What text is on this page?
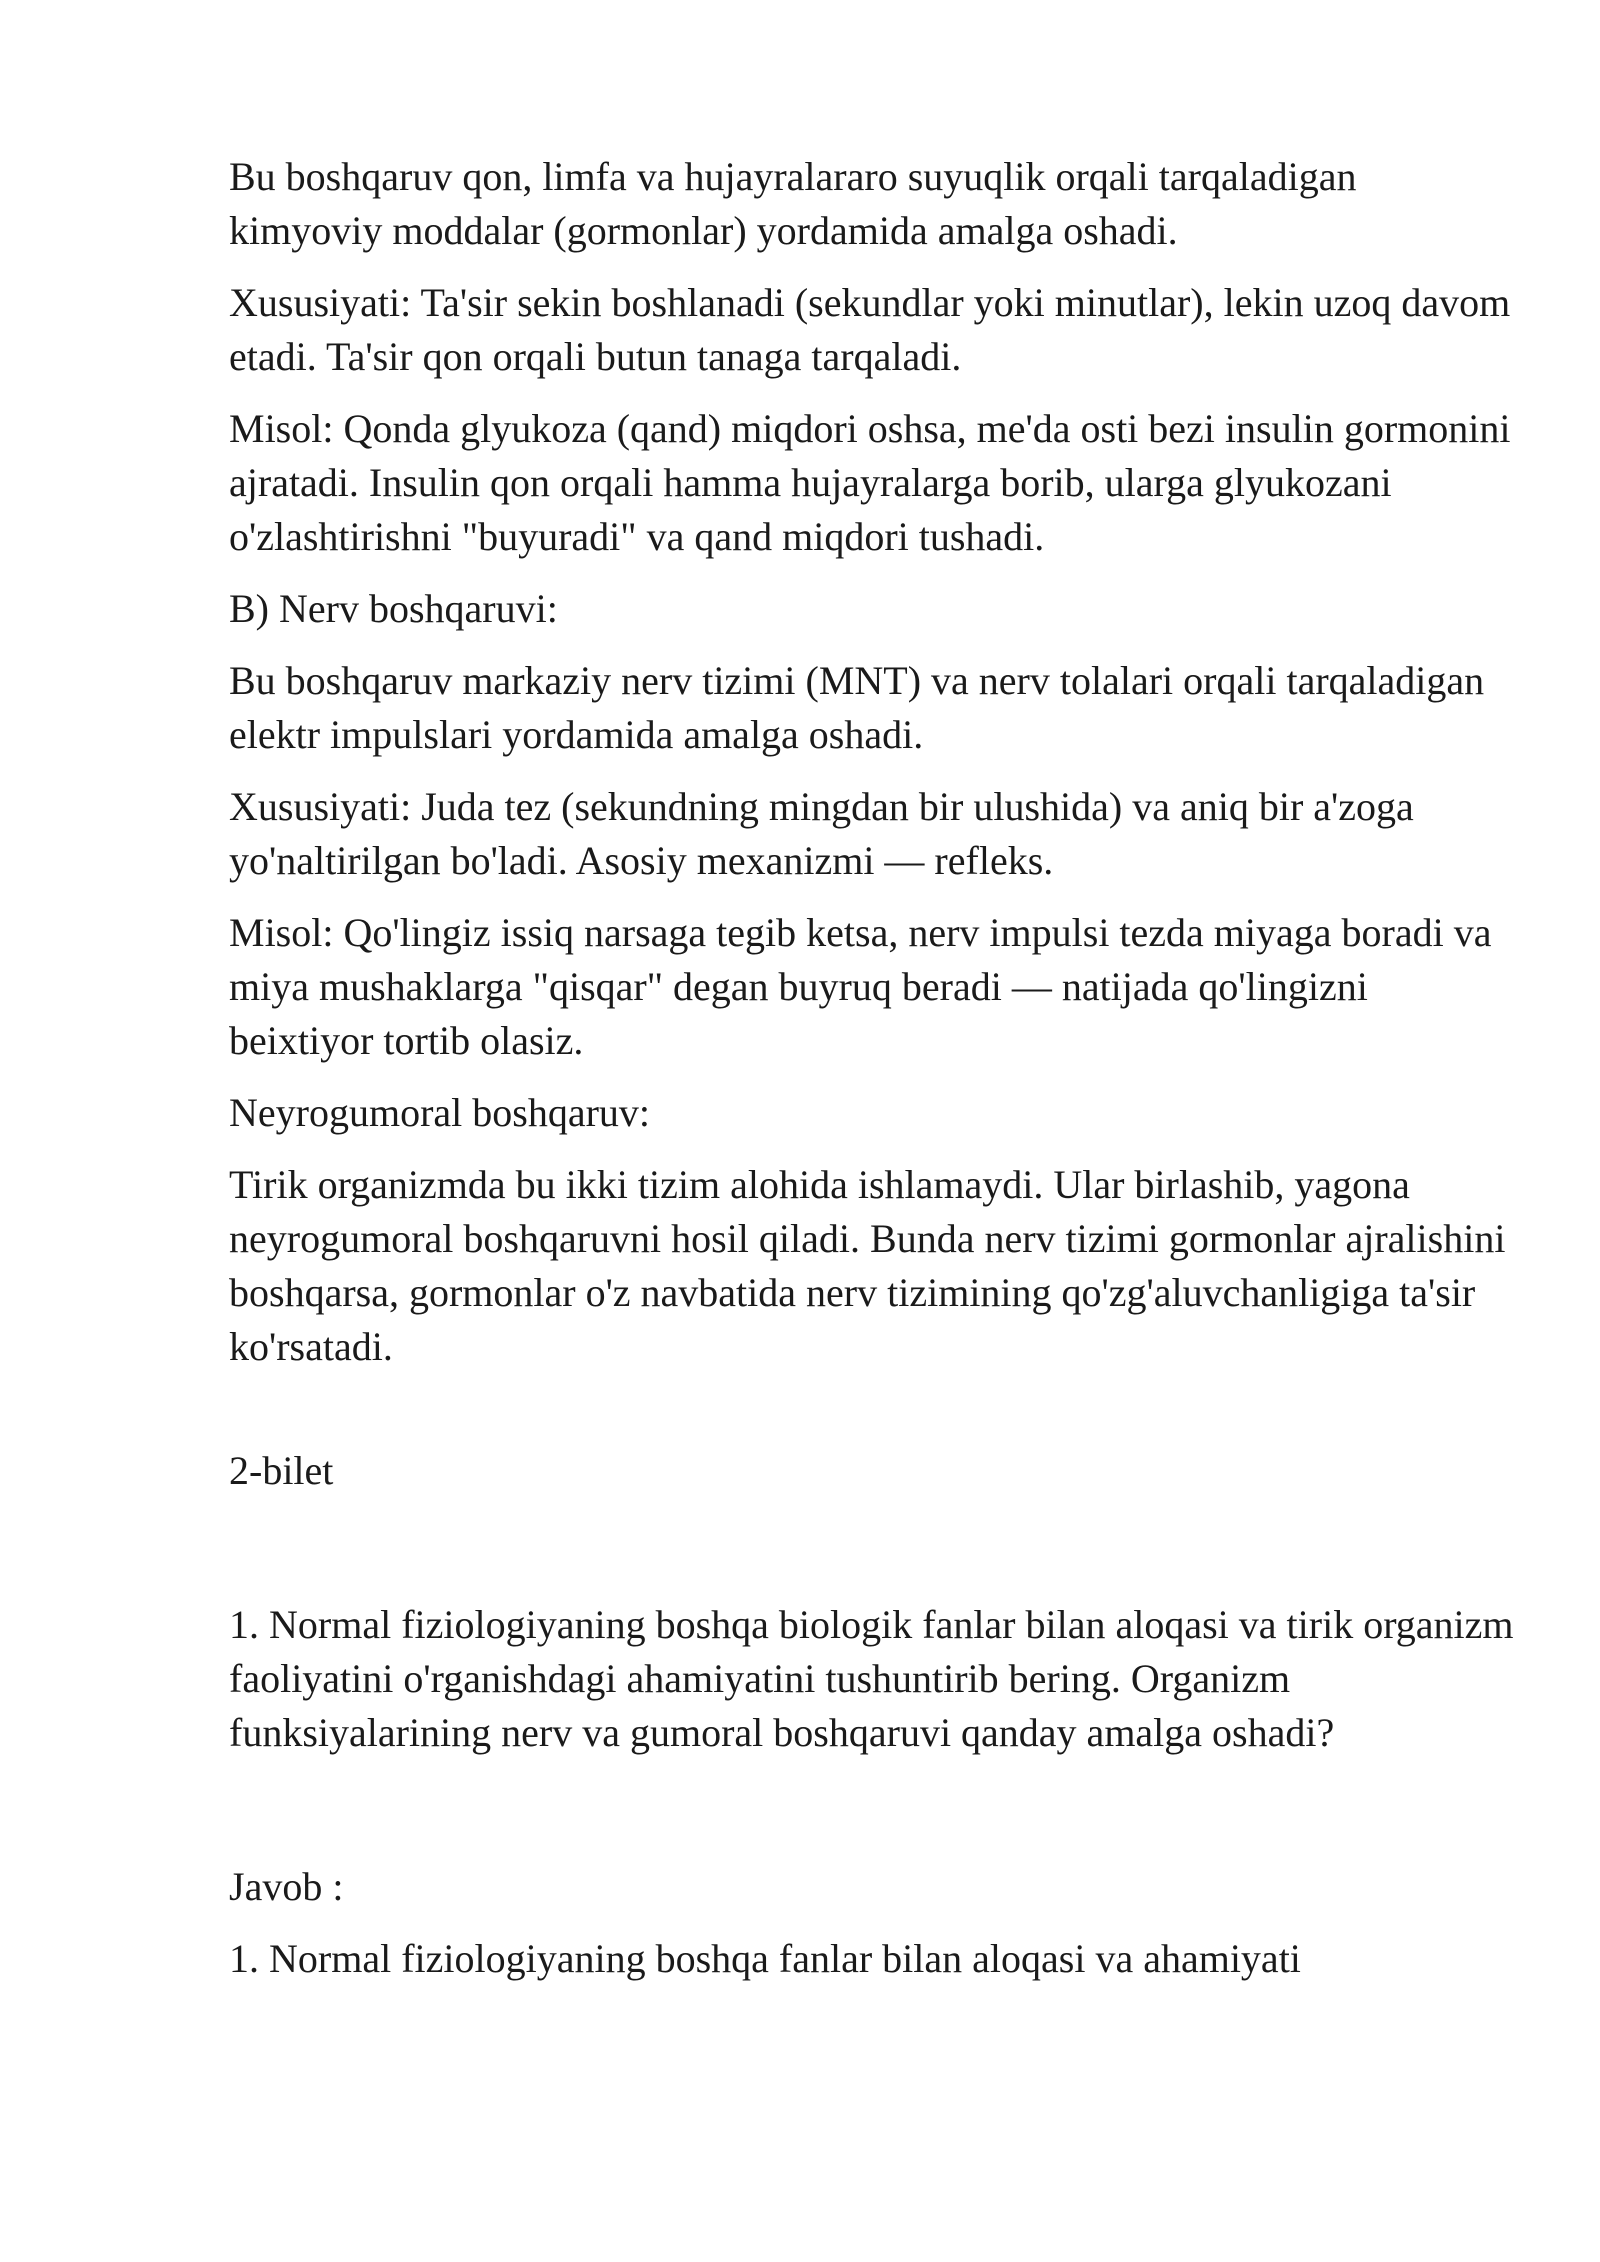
Bu boshqaruv qon, limfa va hujayralararo suyuqlik orqali tarqaladigan kimyoviy moddalar (gormonlar) yordamida amalga oshadi.

Xususiyati: Ta'sir sekin boshlanadi (sekundlar yoki minutlar), lekin uzoq davom etadi. Ta'sir qon orqali butun tanaga tarqaladi.

Misol: Qonda glyukoza (qand) miqdori oshsa, me'da osti bezi insulin gormonini ajratadi. Insulin qon orqali hamma hujayralarga borib, ularga glyukozani o'zlashtirishni "buyuradi" va qand miqdori tushadi.

B) Nerv boshqaruvi:

Bu boshqaruv markaziy nerv tizimi (MNT) va nerv tolalari orqali tarqaladigan elektr impulslari yordamida amalga oshadi.

Xususiyati: Juda tez (sekundning mingdan bir ulushida) va aniq bir a'zoga yo'naltirilgan bo'ladi. Asosiy mexanizmi — refleks.

Misol: Qo'lingiz issiq narsaga tegib ketsa, nerv impulsi tezda miyaga boradi va miya mushaklarga "qisqar" degan buyruq beradi — natijada qo'lingizni beixtiyor tortib olasiz.

Neyrogumoral boshqaruv:

Tirik organizmda bu ikki tizim alohida ishlamaydi. Ular birlashib, yagona neyrogumoral boshqaruvni hosil qiladi. Bunda nerv tizimi gormonlar ajralishini boshqarsa, gormonlar o'z navbatida nerv tizimining qo'zg'aluvchanligiga ta'sir ko'rsatadi.

2-bilet

1. Normal fiziologiyaning boshqa biologik fanlar bilan aloqasi va tirik organizm faoliyatini o'rganishdagi ahamiyatini tushuntirib bering. Organizm funksiyalarining nerv va gumoral boshqaruvi qanday amalga oshadi?

Javob :

1. Normal fiziologiyaning boshqa fanlar bilan aloqasi va ahamiyati
